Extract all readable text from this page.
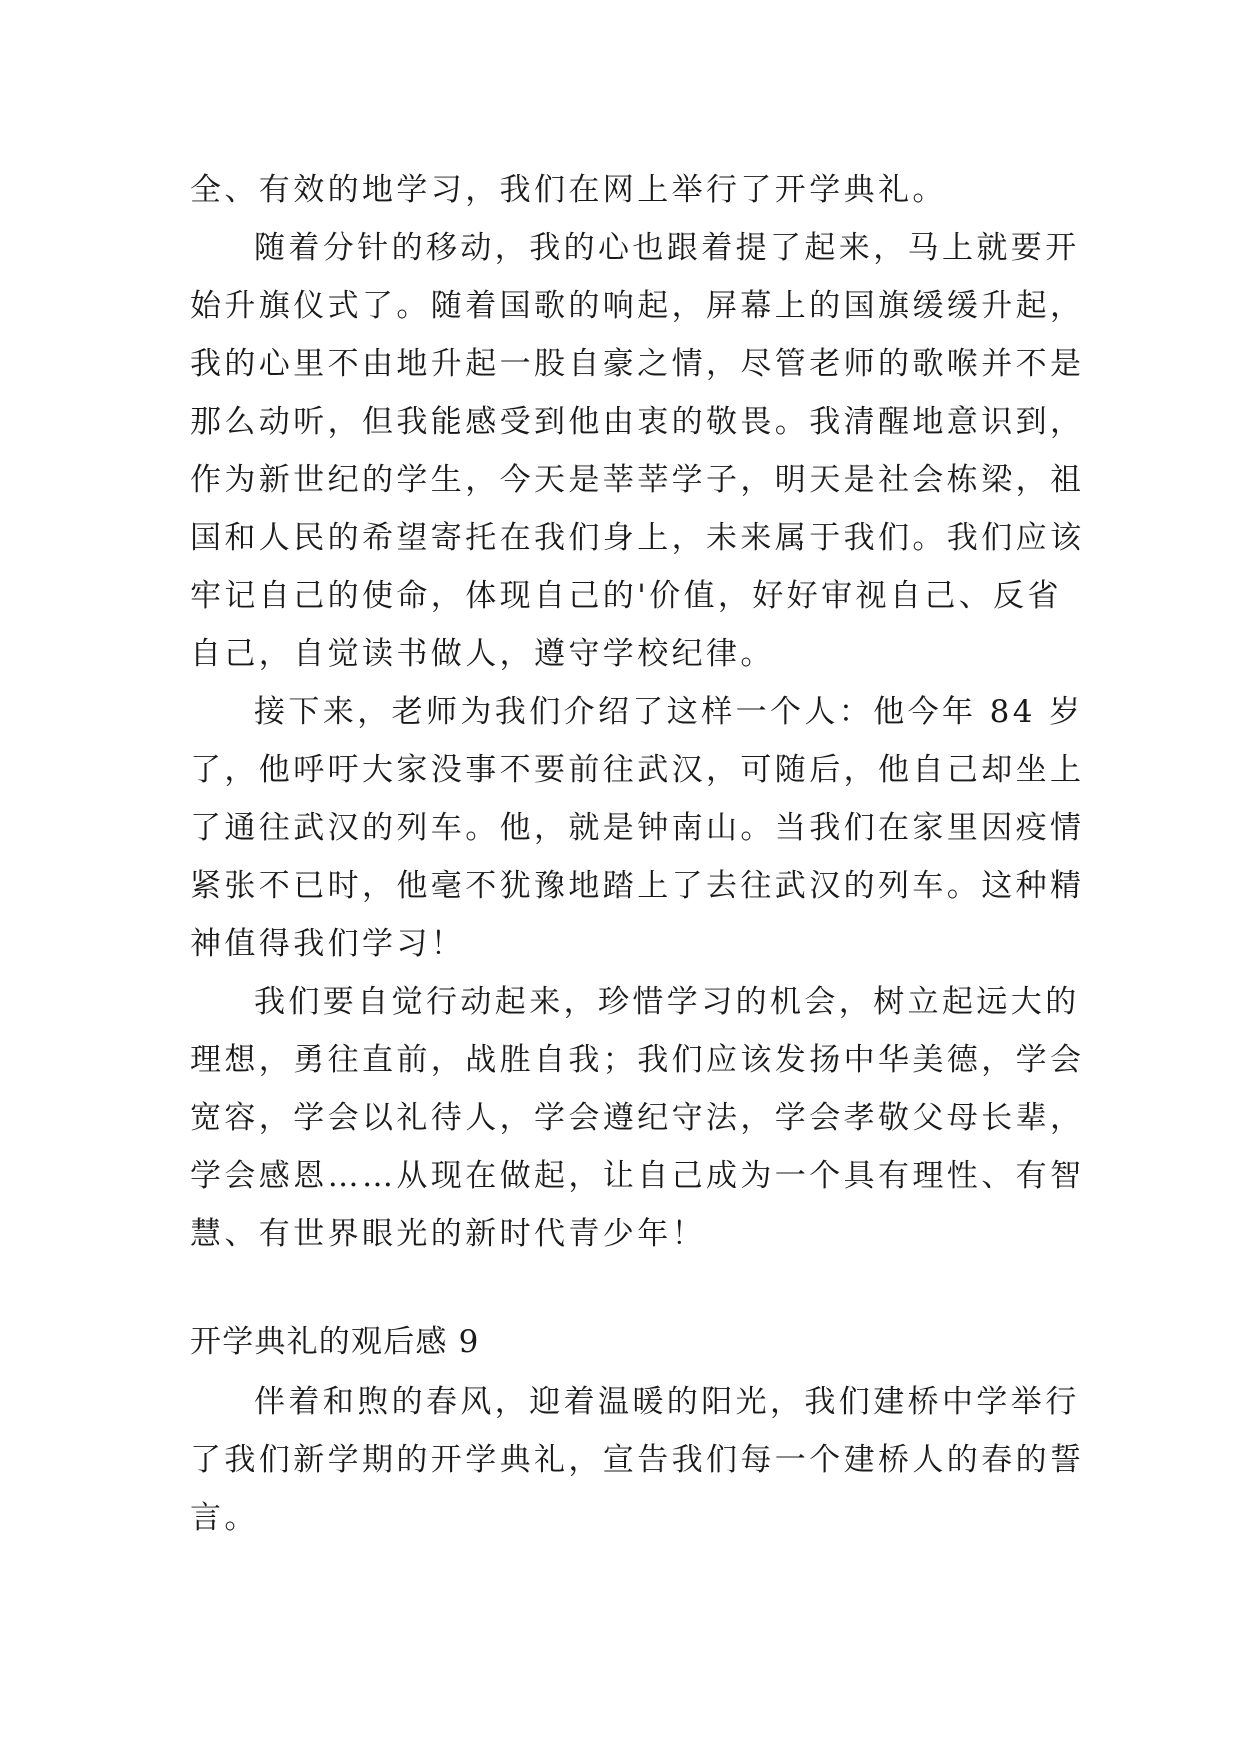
全、有效的地学习，我们在网上举行了开学典礼。
随着分针的移动，我的心也跟着提了起来，马上就要开
始升旗仪式了。随着国歌的响起，屏幕上的国旗缓缓升起，
我的心里不由地升起一股自豪之情，尽管老师的歌喉并不是
那么动听，但我能感受到他由衷的敬畏。我清醒地意识到，
作为新世纪的学生，今天是莘莘学子，明天是社会栋梁，祖
国和人民的希望寄托在我们身上，未来属于我们。我们应该
牢记自己的使命，体现自己的'价值，好好审视自己、反省
自己，自觉读书做人，遵守学校纪律。
接下来，老师为我们介绍了这样一个人：他今年 84 岁
了，他呼吁大家没事不要前往武汉，可随后，他自己却坐上
了通往武汉的列车。他，就是钟南山。当我们在家里因疫情
紧张不已时，他毫不犹豫地踏上了去往武汉的列车。这种精
神值得我们学习！
我们要自觉行动起来，珍惜学习的机会，树立起远大的
理想，勇往直前，战胜自我；我们应该发扬中华美德，学会
宽容，学会以礼待人，学会遵纪守法，学会孝敬父母长辈，
学会感恩……从现在做起，让自己成为一个具有理性、有智
慧、有世界眼光的新时代青少年！
开学典礼的观后感 9
伴着和煦的春风，迎着温暖的阳光，我们建桥中学举行
了我们新学期的开学典礼，宣告我们每一个建桥人的春的誓
言。
